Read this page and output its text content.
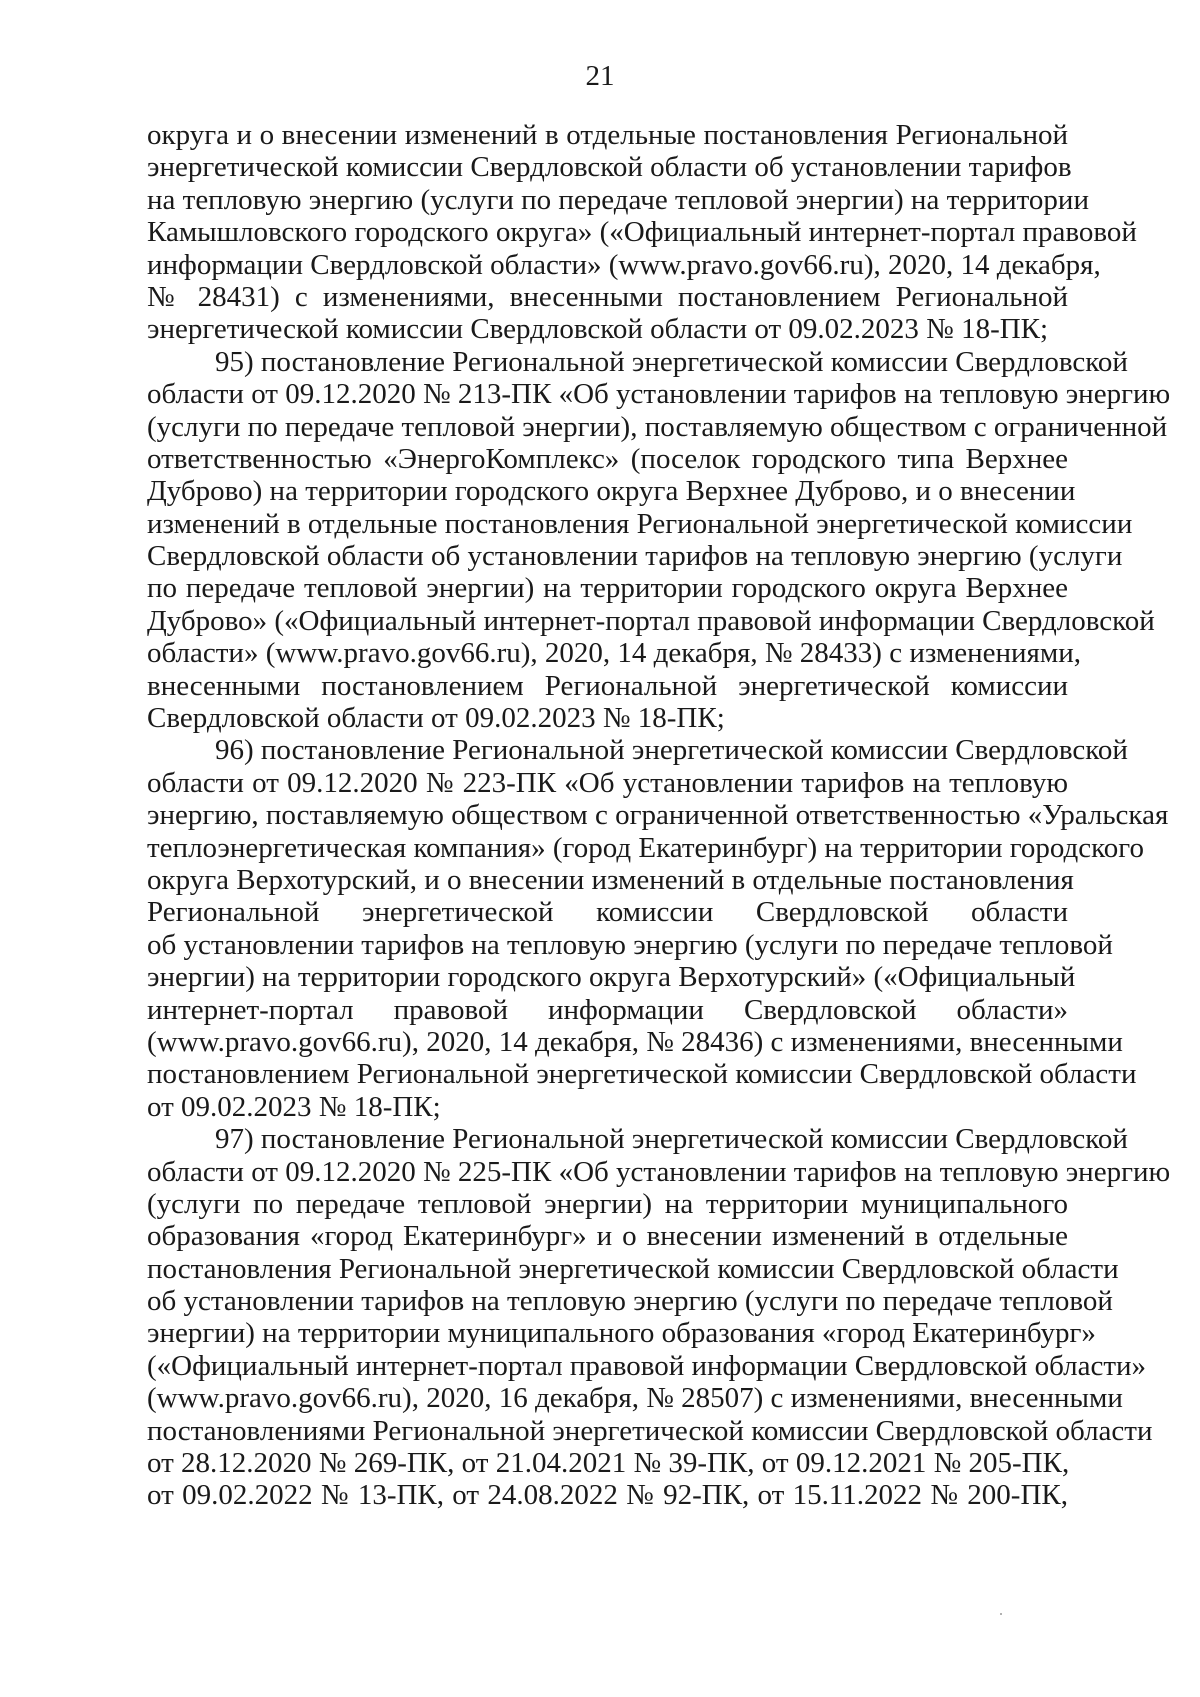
21
округа и о внесении изменений в отдельные постановления Региональной
энергетической комиссии Свердловской области об установлении тарифов
на тепловую энергию (услуги по передаче тепловой энергии) на территории
Камышловского городского округа» («Официальный интернет-портал правовой
информации Свердловской области» (www.pravo.gov66.ru), 2020, 14 декабря,
№ 28431) с изменениями, внесенными постановлением Региональной
энергетической комиссии Свердловской области от 09.02.2023 № 18-ПК;
95) постановление Региональной энергетической комиссии Свердловской
области от 09.12.2020 № 213-ПК «Об установлении тарифов на тепловую энергию
(услуги по передаче тепловой энергии), поставляемую обществом с ограниченной
ответственностью «ЭнергоКомплекс» (поселок городского типа Верхнее
Дуброво) на территории городского округа Верхнее Дуброво, и о внесении
изменений в отдельные постановления Региональной энергетической комиссии
Свердловской области об установлении тарифов на тепловую энергию (услуги
по передаче тепловой энергии) на территории городского округа Верхнее
Дуброво» («Официальный интернет-портал правовой информации Свердловской
области» (www.pravo.gov66.ru), 2020, 14 декабря, № 28433) с изменениями,
внесенными постановлением Региональной энергетической комиссии
Свердловской области от 09.02.2023 № 18-ПК;
96) постановление Региональной энергетической комиссии Свердловской
области от 09.12.2020 № 223-ПК «Об установлении тарифов на тепловую
энергию, поставляемую обществом с ограниченной ответственностью «Уральская
теплоэнергетическая компания» (город Екатеринбург) на территории городского
округа Верхотурский, и о внесении изменений в отдельные постановления
Региональной энергетической комиссии Свердловской области
об установлении тарифов на тепловую энергию (услуги по передаче тепловой
энергии) на территории городского округа Верхотурский» («Официальный
интернет-портал правовой информации Свердловской области»
(www.pravo.gov66.ru), 2020, 14 декабря, № 28436) с изменениями, внесенными
постановлением Региональной энергетической комиссии Свердловской области
от 09.02.2023 № 18-ПК;
97) постановление Региональной энергетической комиссии Свердловской
области от 09.12.2020 № 225-ПК «Об установлении тарифов на тепловую энергию
(услуги по передаче тепловой энергии) на территории муниципального
образования «город Екатеринбург» и о внесении изменений в отдельные
постановления Региональной энергетической комиссии Свердловской области
об установлении тарифов на тепловую энергию (услуги по передаче тепловой
энергии) на территории муниципального образования «город Екатеринбург»
(«Официальный интернет-портал правовой информации Свердловской области»
(www.pravo.gov66.ru), 2020, 16 декабря, № 28507) с изменениями, внесенными
постановлениями Региональной энергетической комиссии Свердловской области
от 28.12.2020 № 269-ПК, от 21.04.2021 № 39-ПК, от 09.12.2021 № 205-ПК,
от 09.02.2022 № 13-ПК, от 24.08.2022 № 92-ПК, от 15.11.2022 № 200-ПК,
